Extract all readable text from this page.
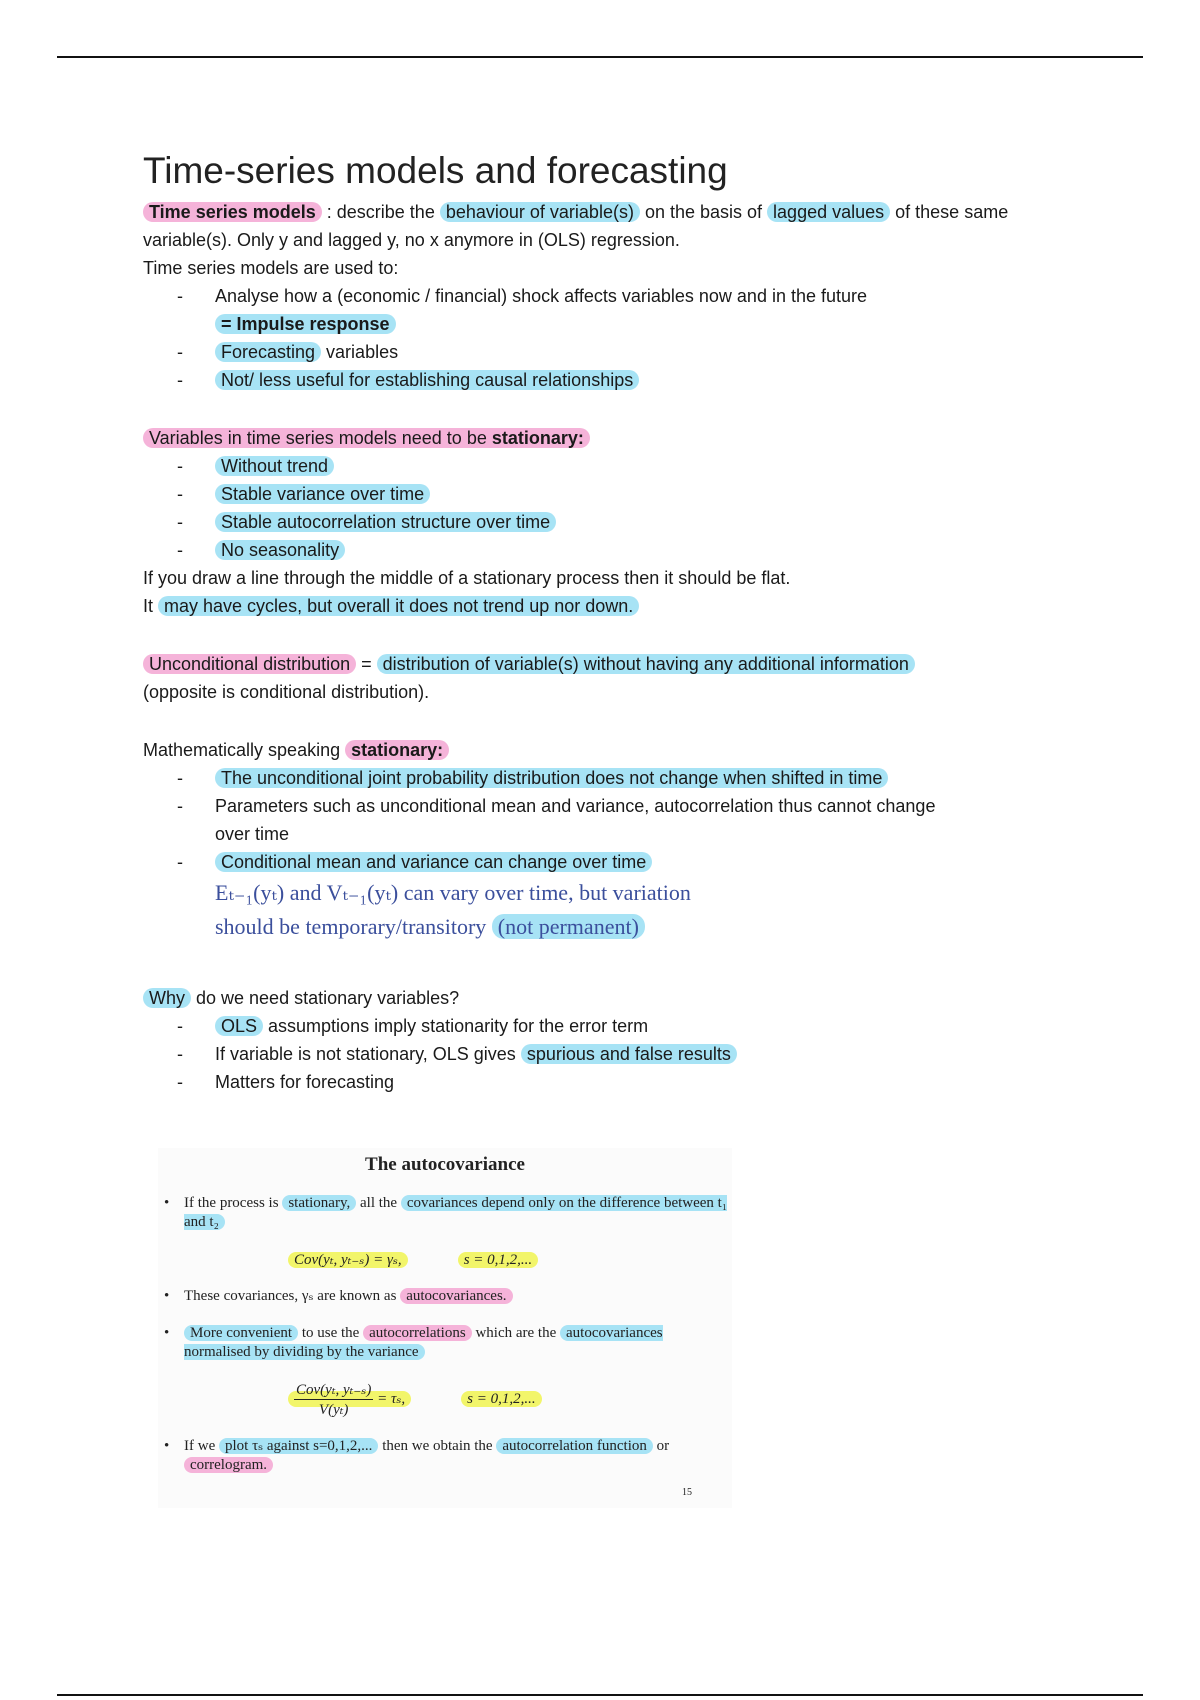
Time-series models and forecasting

Time series models : describe the behaviour of variable(s) on the basis of lagged values of these same variable(s). Only y and lagged y, no x anymore in (OLS) regression.

Time series models are used to:

- Analyse how a (economic / financial) shock affects variables now and in the future
= Impulse response
- Forecasting variables
- Not/ less useful for establishing causal relationships

Variables in time series models need to be stationary:

- Without trend
- Stable variance over time
- Stable autocorrelation structure over time
- No seasonality

If you draw a line through the middle of a stationary process then it should be flat.

It may have cycles, but overall it does not trend up nor down.

Unconditional distribution = distribution of variable(s) without having any additional information

(opposite is conditional distribution).

Mathematically speaking stationary:

- The unconditional joint probability distribution does not change when shifted in time
- Parameters such as unconditional mean and variance, autocorrelation thus cannot change
over time
- Conditional mean and variance can change over time
Eₜ₋₁(yₜ) and Vₜ₋₁(yₜ) can vary over time, but variation
should be temporary/transitory (not permanent)

Why do we need stationary variables?

- OLS assumptions imply stationarity for the error term
- If variable is not stationary, OLS gives spurious and false results
- Matters for forecasting
The autocovariance
• If the process is stationary, all the covariances depend only on the difference between t₁ and t₂
Cov(yₜ, yₜ₋ₛ) = γₛ,	s = 0,1,2,...
• These covariances, γₛ are known as autocovariances.
• More convenient to use the autocorrelations which are the autocovariances normalised by dividing by the variance
$\frac{\text{Cov(yₜ, yₜ₋ₛ)}}{\text{V(yₜ)}} = \tau_s$,	s = 0,1,2,...
• If we plot τₛ against s=0,1,2,... then we obtain the autocorrelation function or correlogram.
15
